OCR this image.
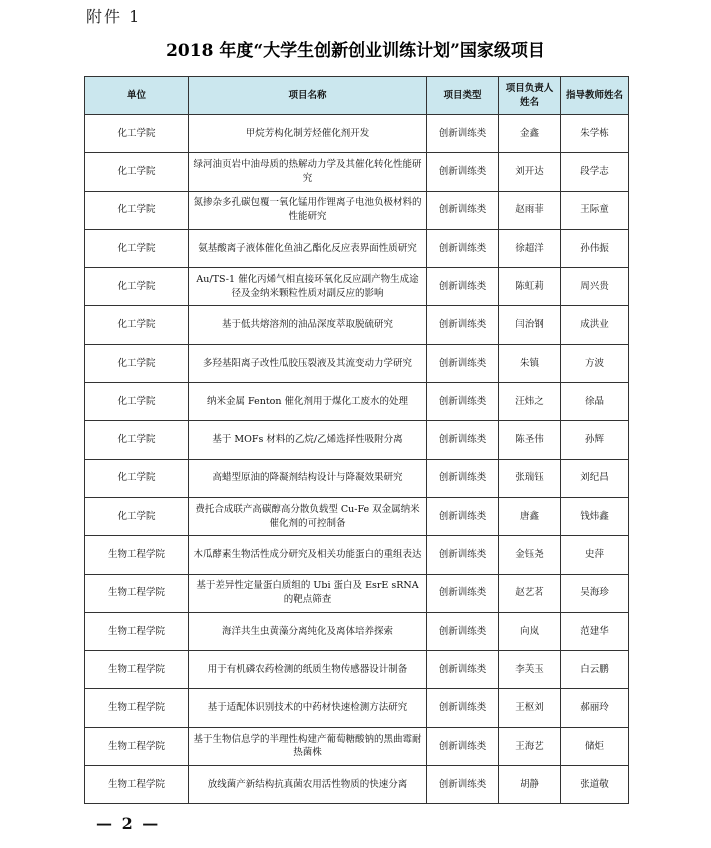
附件 1
2018 年度“大学生创新创业训练计划”国家级项目
单位	项目名称	项目类型	项目负责人姓名	指导教师姓名
化工学院	甲烷芳构化制芳烃催化剂开发	创新训练类	金鑫	朱学栋
化工学院	绿河油页岩中油母质的热解动力学及其催化转化性能研究	创新训练类	刘开达	段学志
化工学院	氮掺杂多孔碳包覆一氧化锰用作锂离子电池负极材料的性能研究	创新训练类	赵雨菲	王际童
化工学院	氨基酸离子液体催化鱼油乙酯化反应表界面性质研究	创新训练类	徐超洋	孙伟振
化工学院	Au/TS-1 催化丙烯气相直接环氧化反应副产物生成途径及金纳米颗粒性质对副反应的影响	创新训练类	陈虹莉	周兴贵
化工学院	基于低共熔溶剂的油品深度萃取脱硫研究	创新训练类	闫治钢	成洪业
化工学院	多羟基阳离子改性瓜胶压裂液及其流变动力学研究	创新训练类	朱镇	方波
化工学院	纳米金属 Fenton 催化剂用于煤化工废水的处理	创新训练类	汪炜之	徐晶
化工学院	基于 MOFs 材料的乙烷/乙烯选择性吸附分离	创新训练类	陈圣伟	孙辉
化工学院	高蜡型原油的降凝剂结构设计与降凝效果研究	创新训练类	张瑞钰	刘纪昌
化工学院	费托合成联产高碳醇高分散负载型 Cu-Fe 双金属纳米催化剂的可控制备	创新训练类	唐鑫	钱炜鑫
生物工程学院	木瓜酵素生物活性成分研究及相关功能蛋白的重组表达	创新训练类	金钰尧	史萍
生物工程学院	基于差异性定量蛋白质组的 Ubi 蛋白及 EsrE sRNA 的靶点筛查	创新训练类	赵艺茗	吴海珍
生物工程学院	海洋共生虫黄藻分离纯化及离体培养探索	创新训练类	向岚	范建华
生物工程学院	用于有机磷农药检测的纸质生物传感器设计制备	创新训练类	李芙玉	白云鹏
生物工程学院	基于适配体识别技术的中药材快速检测方法研究	创新训练类	王枢刘	郝丽玲
生物工程学院	基于生物信息学的半理性构建产葡萄糖酸钠的黑曲霉耐热菌株	创新训练类	王海艺	储炬
生物工程学院	放线菌产新结构抗真菌农用活性物质的快速分离	创新训练类	胡静	张道敬
— 2 —
